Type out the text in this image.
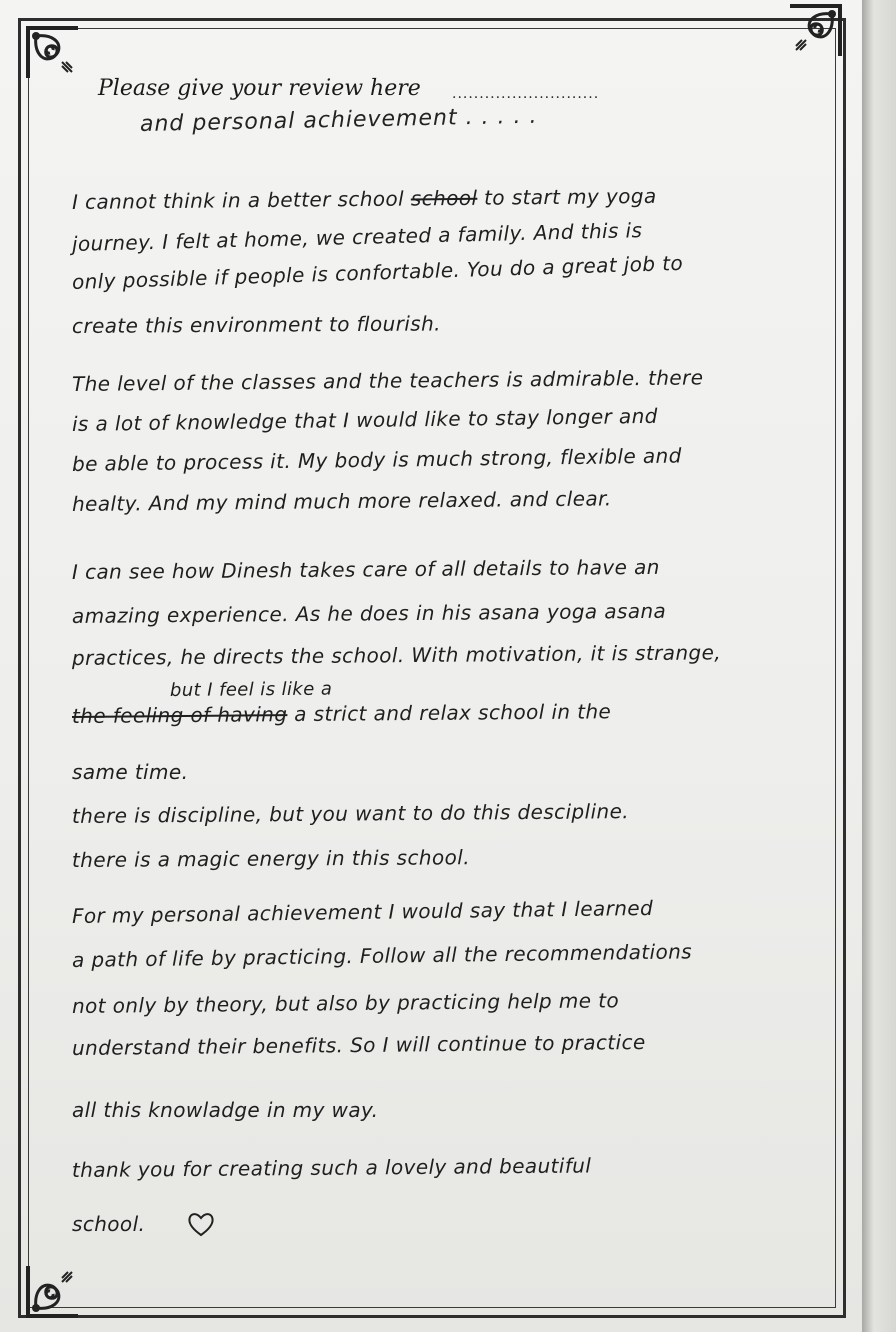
Please give your review here ...........................
and personal achievement . . . . .
I cannot think in a better school school to start my yoga
journey. I felt at home, we created a family. And this is
only possible if people is confortable. You do a great job to
create this environment to flourish.
The level of the classes and the teachers is admirable. there
is a lot of knowledge that I would like to stay longer and
be able to process it. My body is much strong, flexible and
healty. And my mind much more relaxed. and clear.
I can see how Dinesh takes care of all details to have an
amazing experience. As he does in his asana yoga asana
practices, he directs the school. With motivation, it is strange,
but I feel is like a
the feeling of having a strict and relax school in the
same time.
there is discipline, but you want to do this descipline.
there is a magic energy in this school.
For my personal achievement I would say that I learned
a path of life by practicing. Follow all the recommendations
not only by theory, but also by practicing help me to
understand their benefits. So I will continue to practice
all this knowladge in my way.
thank you for creating such a lovely and beautiful
school.
